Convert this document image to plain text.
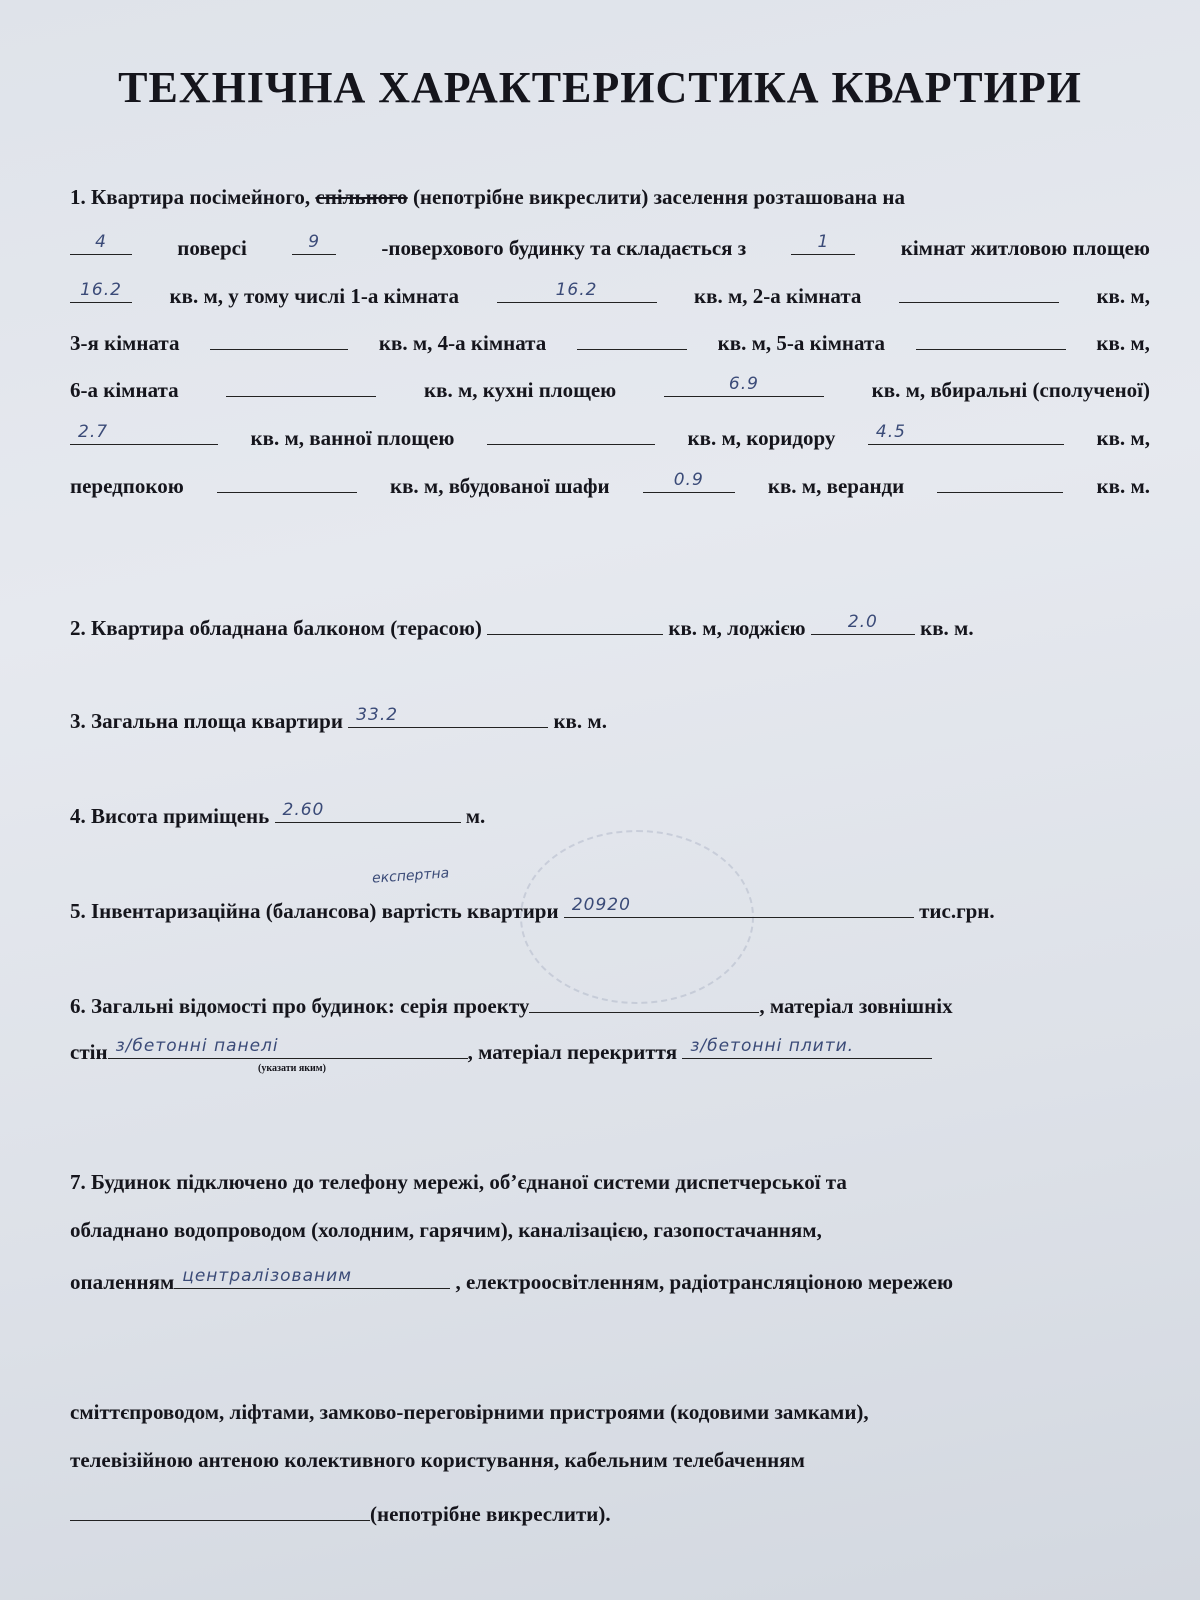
ТЕХНІЧНА ХАРАКТЕРИСТИКА КВАРТИРИ
1. Квартира посімейного, спільного (непотрібне викреслити) заселення розташована на
4	поверсі	9	-поверхового будинку та складається з	1	кімнат житловою площею
16.2	кв. м, у тому числі 1-а кімната	16.2	кв. м, 2-а кімната	кв. м,
3-я кімната	кв. м, 4-а кімната	кв. м, 5-а кімната	кв. м,
6-а кімната	кв. м, кухні площею	6.9	кв. м, вбиральні (сполученої)
2.7	кв. м, ванної площею	кв. м, коридору	4.5	кв. м,
передпокою	кв. м, вбудованої шафи	0.9	кв. м, веранди	кв. м.
2. Квартира обладнана балконом (терасою)	кв. м, лоджією	2.0	кв. м.
3. Загальна площа квартири 33.2	кв. м.
4. Висота приміщень 2.60	м.
експертна
5. Інвентаризаційна (балансова) вартість квартири 20920	тис.грн.
6. Загальні відомості про будинок: серія проекту	, матеріал зовнішніх
стін з/бетонні панелі	, матеріал перекриття з/бетонні плити.
(указати яким)
7. Будинок підключено до телефону мережі, об’єднаної системи диспетчерської та
обладнано водопроводом (холодним, гарячим), каналізацією, газопостачанням,
опаленням централізованим	, електроосвітленням, радіотрансляціоною мережею
сміттєпроводом, ліфтами, замково-переговірними пристроями (кодовими замками),
телевізійною антеною колективного користування, кабельним телебаченням
(непотрібне викреслити).
